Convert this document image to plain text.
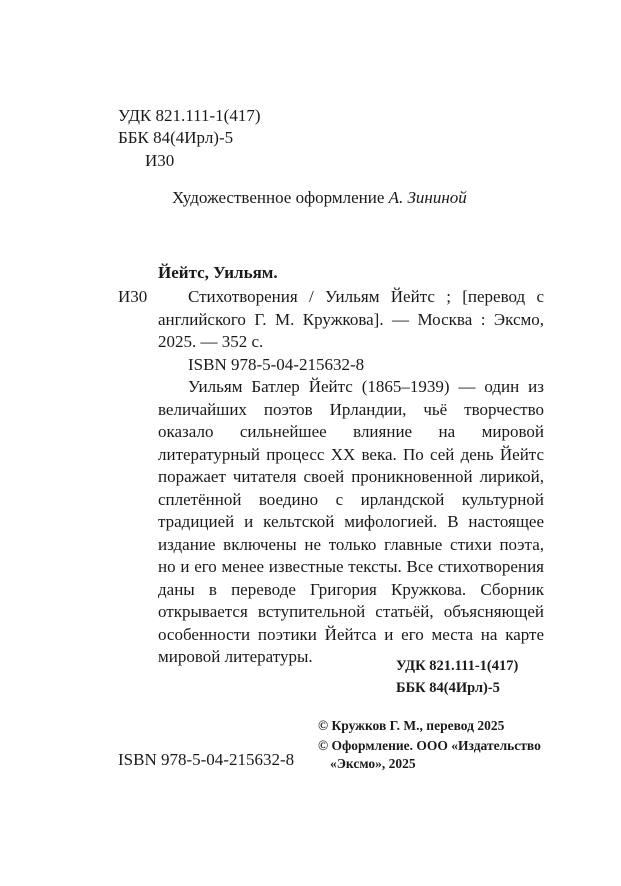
УДК 821.111-1(417)
ББК 84(4Ирл)-5
И30
Художественное оформление А. Зининой
Йейтс, Уильям.
И30	Стихотворения / Уильям Йейтс ; [перевод с английского Г. М. Кружкова]. — Москва : Эксмо, 2025. — 352 с.

ISBN 978-5-04-215632-8

Уильям Батлер Йейтс (1865–1939) — один из величайших поэтов Ирландии, чьё творчество оказало сильнейшее влияние на мировой литературный процесс XX века. По сей день Йейтс поражает читателя своей проникновенной лирикой, сплетённой воедино с ирландской культурной традицией и кельтской мифологией. В настоящее издание включены не только главные стихи поэта, но и его менее известные тексты. Все стихотворения даны в переводе Григория Кружкова. Сборник открывается вступительной статьёй, объясняющей особенности поэтики Йейтса и его места на карте мировой литературы.	УДК 821.111-1(417)
ББК 84(4Ирл)-5
© Кружков Г. М., перевод 2025
© Оформление. ООО «Издательство
«Эксмо», 2025
ISBN 978-5-04-215632-8
